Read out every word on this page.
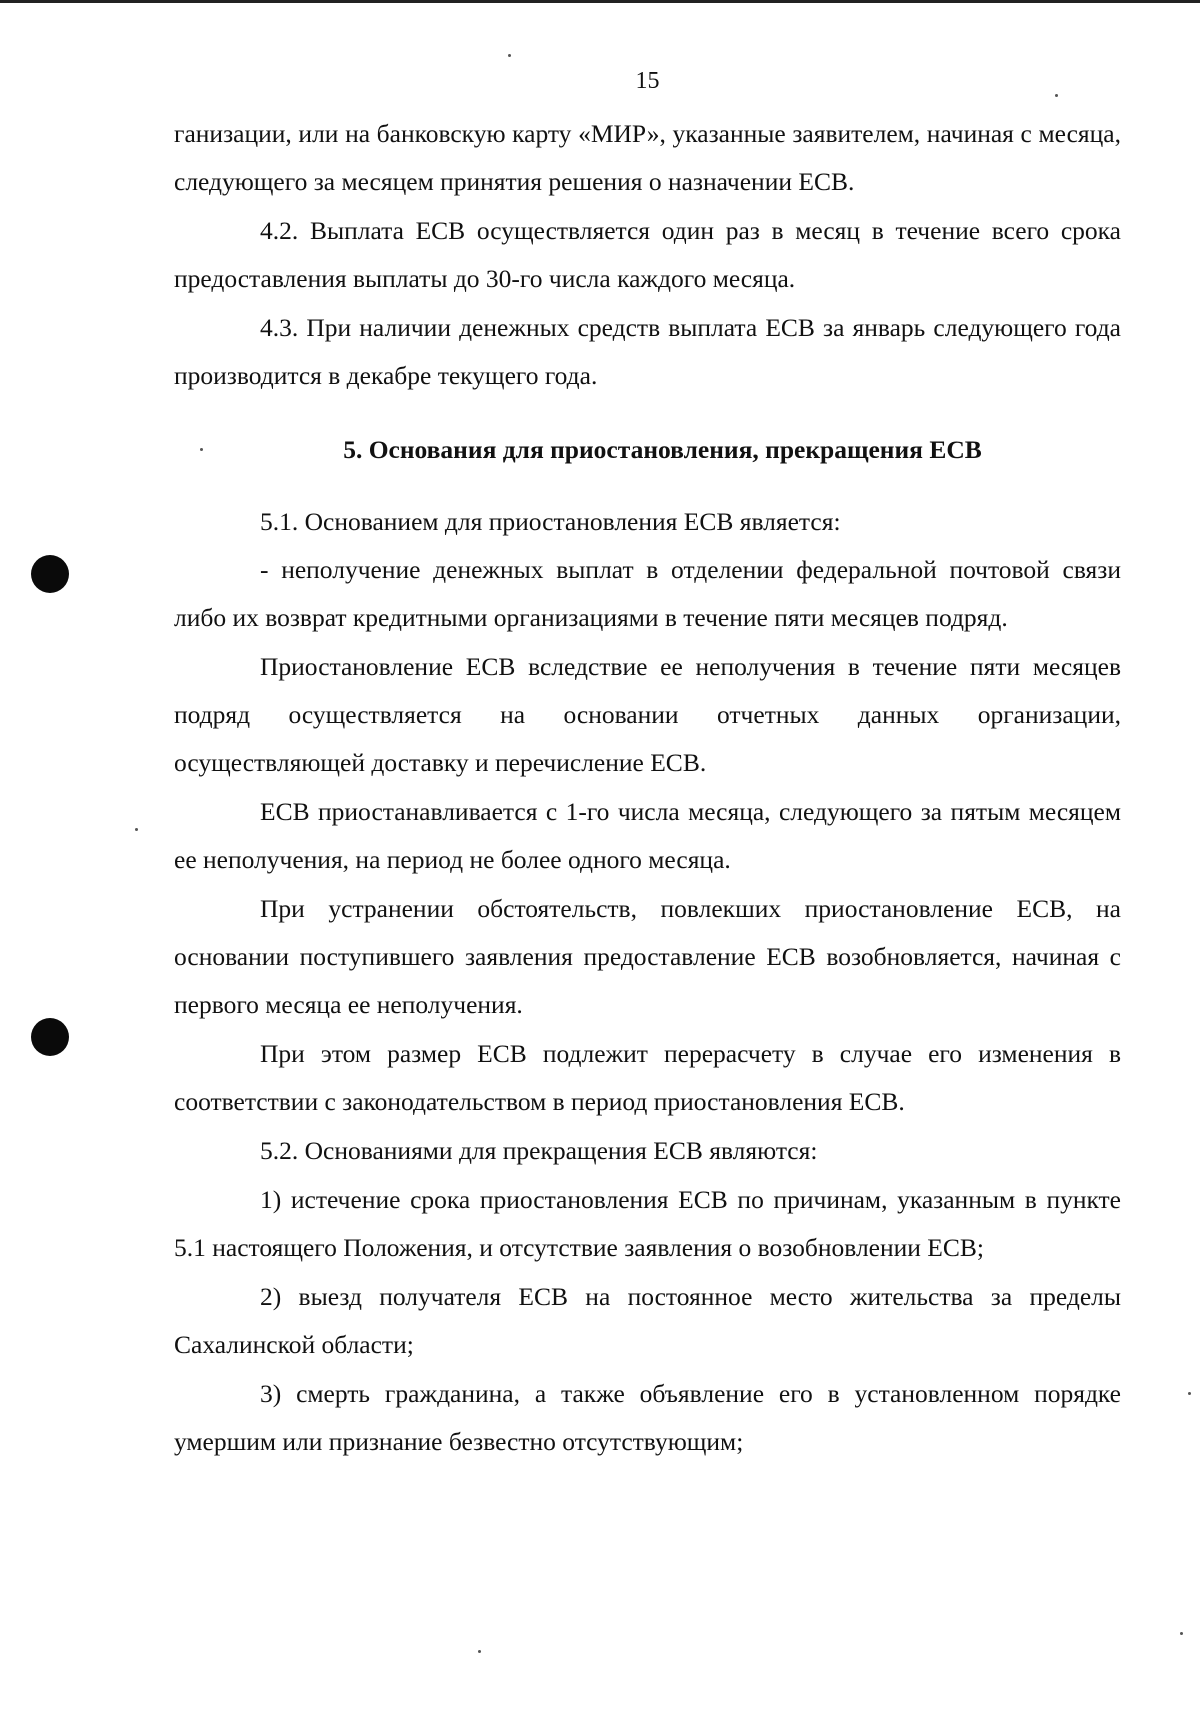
15

ганизации, или на банковскую карту «МИР», указанные заявителем, начиная с месяца, следующего за месяцем принятия решения о назначении ЕСВ.

4.2. Выплата ЕСВ осуществляется один раз в месяц в течение всего срока предоставления выплаты до 30-го числа каждого месяца.

4.3. При наличии денежных средств выплата ЕСВ за январь следующего года производится в декабре текущего года.

5. Основания для приостановления, прекращения ЕСВ

5.1. Основанием для приостановления ЕСВ является:

- неполучение денежных выплат в отделении федеральной почтовой связи либо их возврат кредитными организациями в течение пяти месяцев подряд.

Приостановление ЕСВ вследствие ее неполучения в течение пяти месяцев подряд осуществляется на основании отчетных данных организации, осуществляющей доставку и перечисление ЕСВ.

ЕСВ приостанавливается с 1-го числа месяца, следующего за пятым месяцем ее неполучения, на период не более одного месяца.

При устранении обстоятельств, повлекших приостановление ЕСВ, на основании поступившего заявления предоставление ЕСВ возобновляется, начиная с первого месяца ее неполучения.

При этом размер ЕСВ подлежит перерасчету в случае его изменения в соответствии с законодательством в период приостановления ЕСВ.

5.2. Основаниями для прекращения ЕСВ являются:

1) истечение срока приостановления ЕСВ по причинам, указанным в пункте 5.1 настоящего Положения, и отсутствие заявления о возобновлении ЕСВ;

2) выезд получателя ЕСВ на постоянное место жительства за пределы Сахалинской области;

3) смерть гражданина, а также объявление его в установленном порядке умершим или признание безвестно отсутствующим;
